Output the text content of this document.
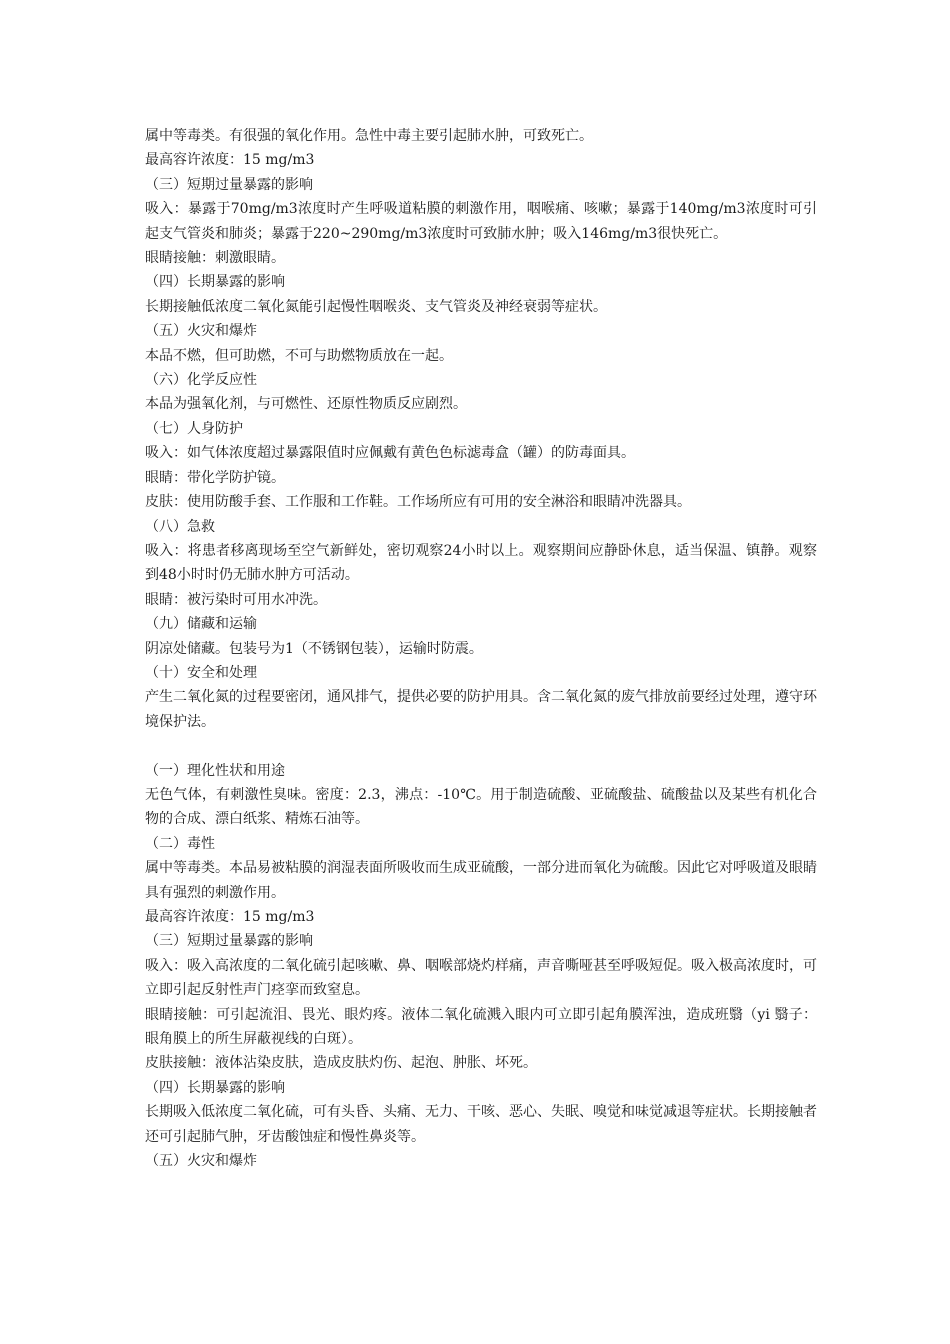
属中等毒类。有很强的氧化作用。急性中毒主要引起肺水肿，可致死亡。

最高容许浓度：15 mg/m3

（三）短期过量暴露的影响

吸入：暴露于70mg/m3浓度时产生呼吸道粘膜的刺激作用，咽喉痛、咳嗽；暴露于140mg/m3浓度时可引起支气管炎和肺炎；暴露于220~290mg/m3浓度时可致肺水肿；吸入146mg/m3很快死亡。

眼睛接触：刺激眼睛。

（四）长期暴露的影响

长期接触低浓度二氧化氮能引起慢性咽喉炎、支气管炎及神经衰弱等症状。

（五）火灾和爆炸

本品不燃，但可助燃，不可与助燃物质放在一起。

（六）化学反应性

本品为强氧化剂，与可燃性、还原性物质反应剧烈。

（七）人身防护

吸入：如气体浓度超过暴露限值时应佩戴有黄色色标滤毒盒（罐）的防毒面具。

眼睛：带化学防护镜。

皮肤：使用防酸手套、工作服和工作鞋。工作场所应有可用的安全淋浴和眼睛冲洗器具。

（八）急救

吸入：将患者移离现场至空气新鲜处，密切观察24小时以上。观察期间应静卧休息，适当保温、镇静。观察到48小时时仍无肺水肿方可活动。

眼睛：被污染时可用水冲洗。

（九）储藏和运输

阴凉处储藏。包装号为1（不锈钢包装），运输时防震。

（十）安全和处理

产生二氧化氮的过程要密闭，通风排气，提供必要的防护用具。含二氧化氮的废气排放前要经过处理，遵守环境保护法。

（一）理化性状和用途

无色气体，有刺激性臭味。密度：2.3，沸点：-10℃。用于制造硫酸、亚硫酸盐、硫酸盐以及某些有机化合物的合成、漂白纸浆、精炼石油等。

（二）毒性

属中等毒类。本品易被粘膜的润湿表面所吸收而生成亚硫酸，一部分进而氧化为硫酸。因此它对呼吸道及眼睛具有强烈的刺激作用。

最高容许浓度：15 mg/m3

（三）短期过量暴露的影响

吸入：吸入高浓度的二氧化硫引起咳嗽、鼻、咽喉部烧灼样痛，声音嘶哑甚至呼吸短促。吸入极高浓度时，可立即引起反射性声门痉挛而致窒息。

眼睛接触：可引起流泪、畏光、眼灼疼。液体二氧化硫溅入眼内可立即引起角膜浑浊，造成班翳（yi 翳子：眼角膜上的所生屏蔽视线的白斑）。

皮肤接触：液体沾染皮肤，造成皮肤灼伤、起泡、肿胀、坏死。

（四）长期暴露的影响

长期吸入低浓度二氧化硫，可有头昏、头痛、无力、干咳、恶心、失眠、嗅觉和味觉减退等症状。长期接触者还可引起肺气肿，牙齿酸蚀症和慢性鼻炎等。

（五）火灾和爆炸
